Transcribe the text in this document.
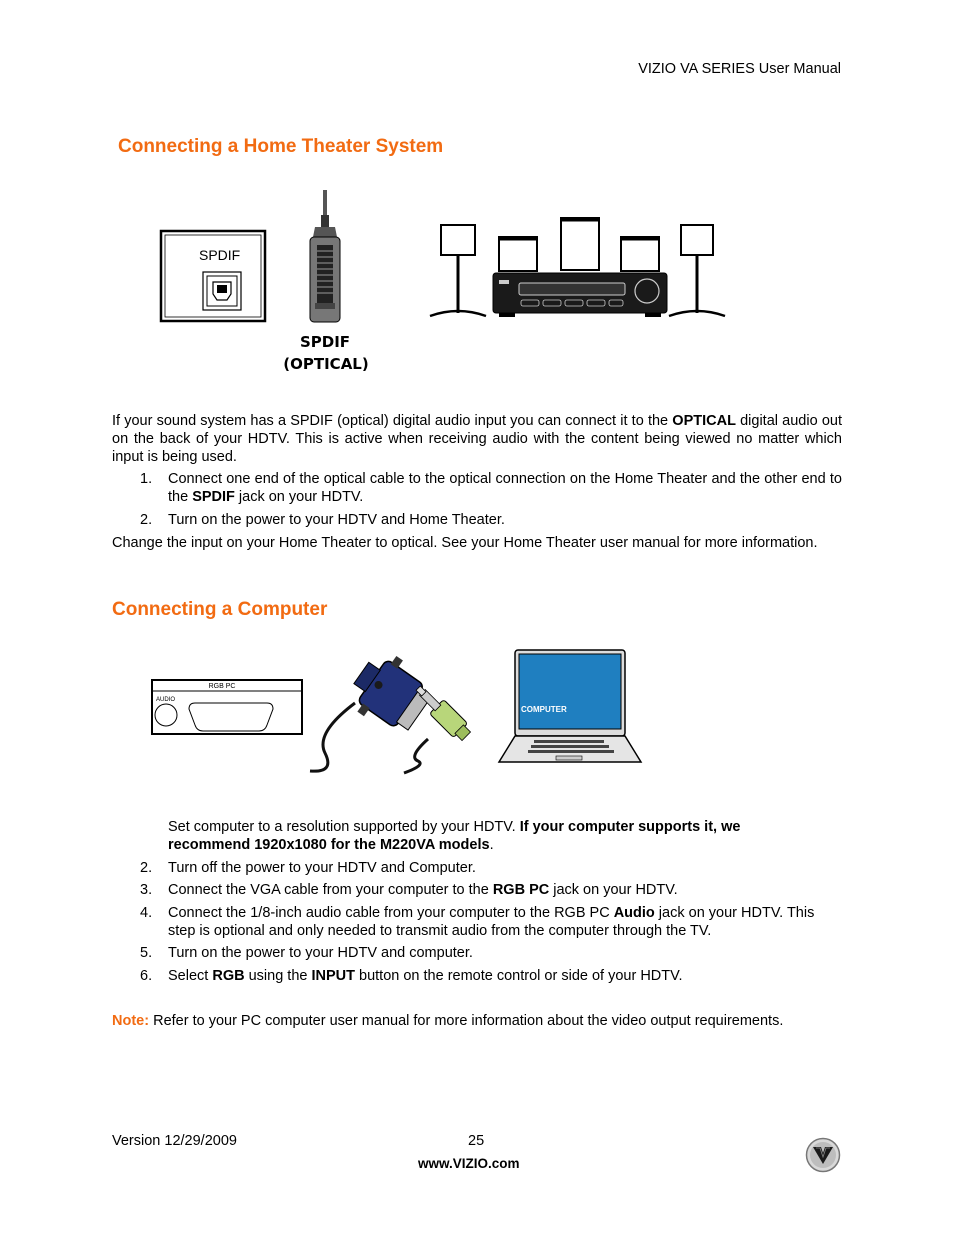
VIZIO VA SERIES User Manual
Connecting a Home Theater System
SPDIF
SPDIF
(OPTICAL)
If your sound system has a SPDIF (optical) digital audio input you can connect it to the OPTICAL digital audio out on the back of your HDTV. This is active when receiving audio with the content being viewed no matter which input is being used.
1. Connect one end of the optical cable to the optical connection on the Home Theater and the other end to the SPDIF jack on your HDTV.
2. Turn on the power to your HDTV and Home Theater.
Change the input on your Home Theater to optical. See your Home Theater user manual for more information.
Connecting a Computer
RGB PC
AUDIO
COMPUTER
Set computer to a resolution supported by your HDTV. If your computer supports it, we recommend 1920x1080 for the M220VA models.
2. Turn off the power to your HDTV and Computer.
3. Connect the VGA cable from your computer to the RGB PC jack on your HDTV.
4. Connect the 1/8-inch audio cable from your computer to the RGB PC Audio jack on your HDTV. This step is optional and only needed to transmit audio from the computer through the TV.
5. Turn on the power to your HDTV and computer.
6. Select RGB using the INPUT button on the remote control or side of your HDTV.
Note: Refer to your PC computer user manual for more information about the video output requirements.
Version 12/29/2009	25
www.VIZIO.com
